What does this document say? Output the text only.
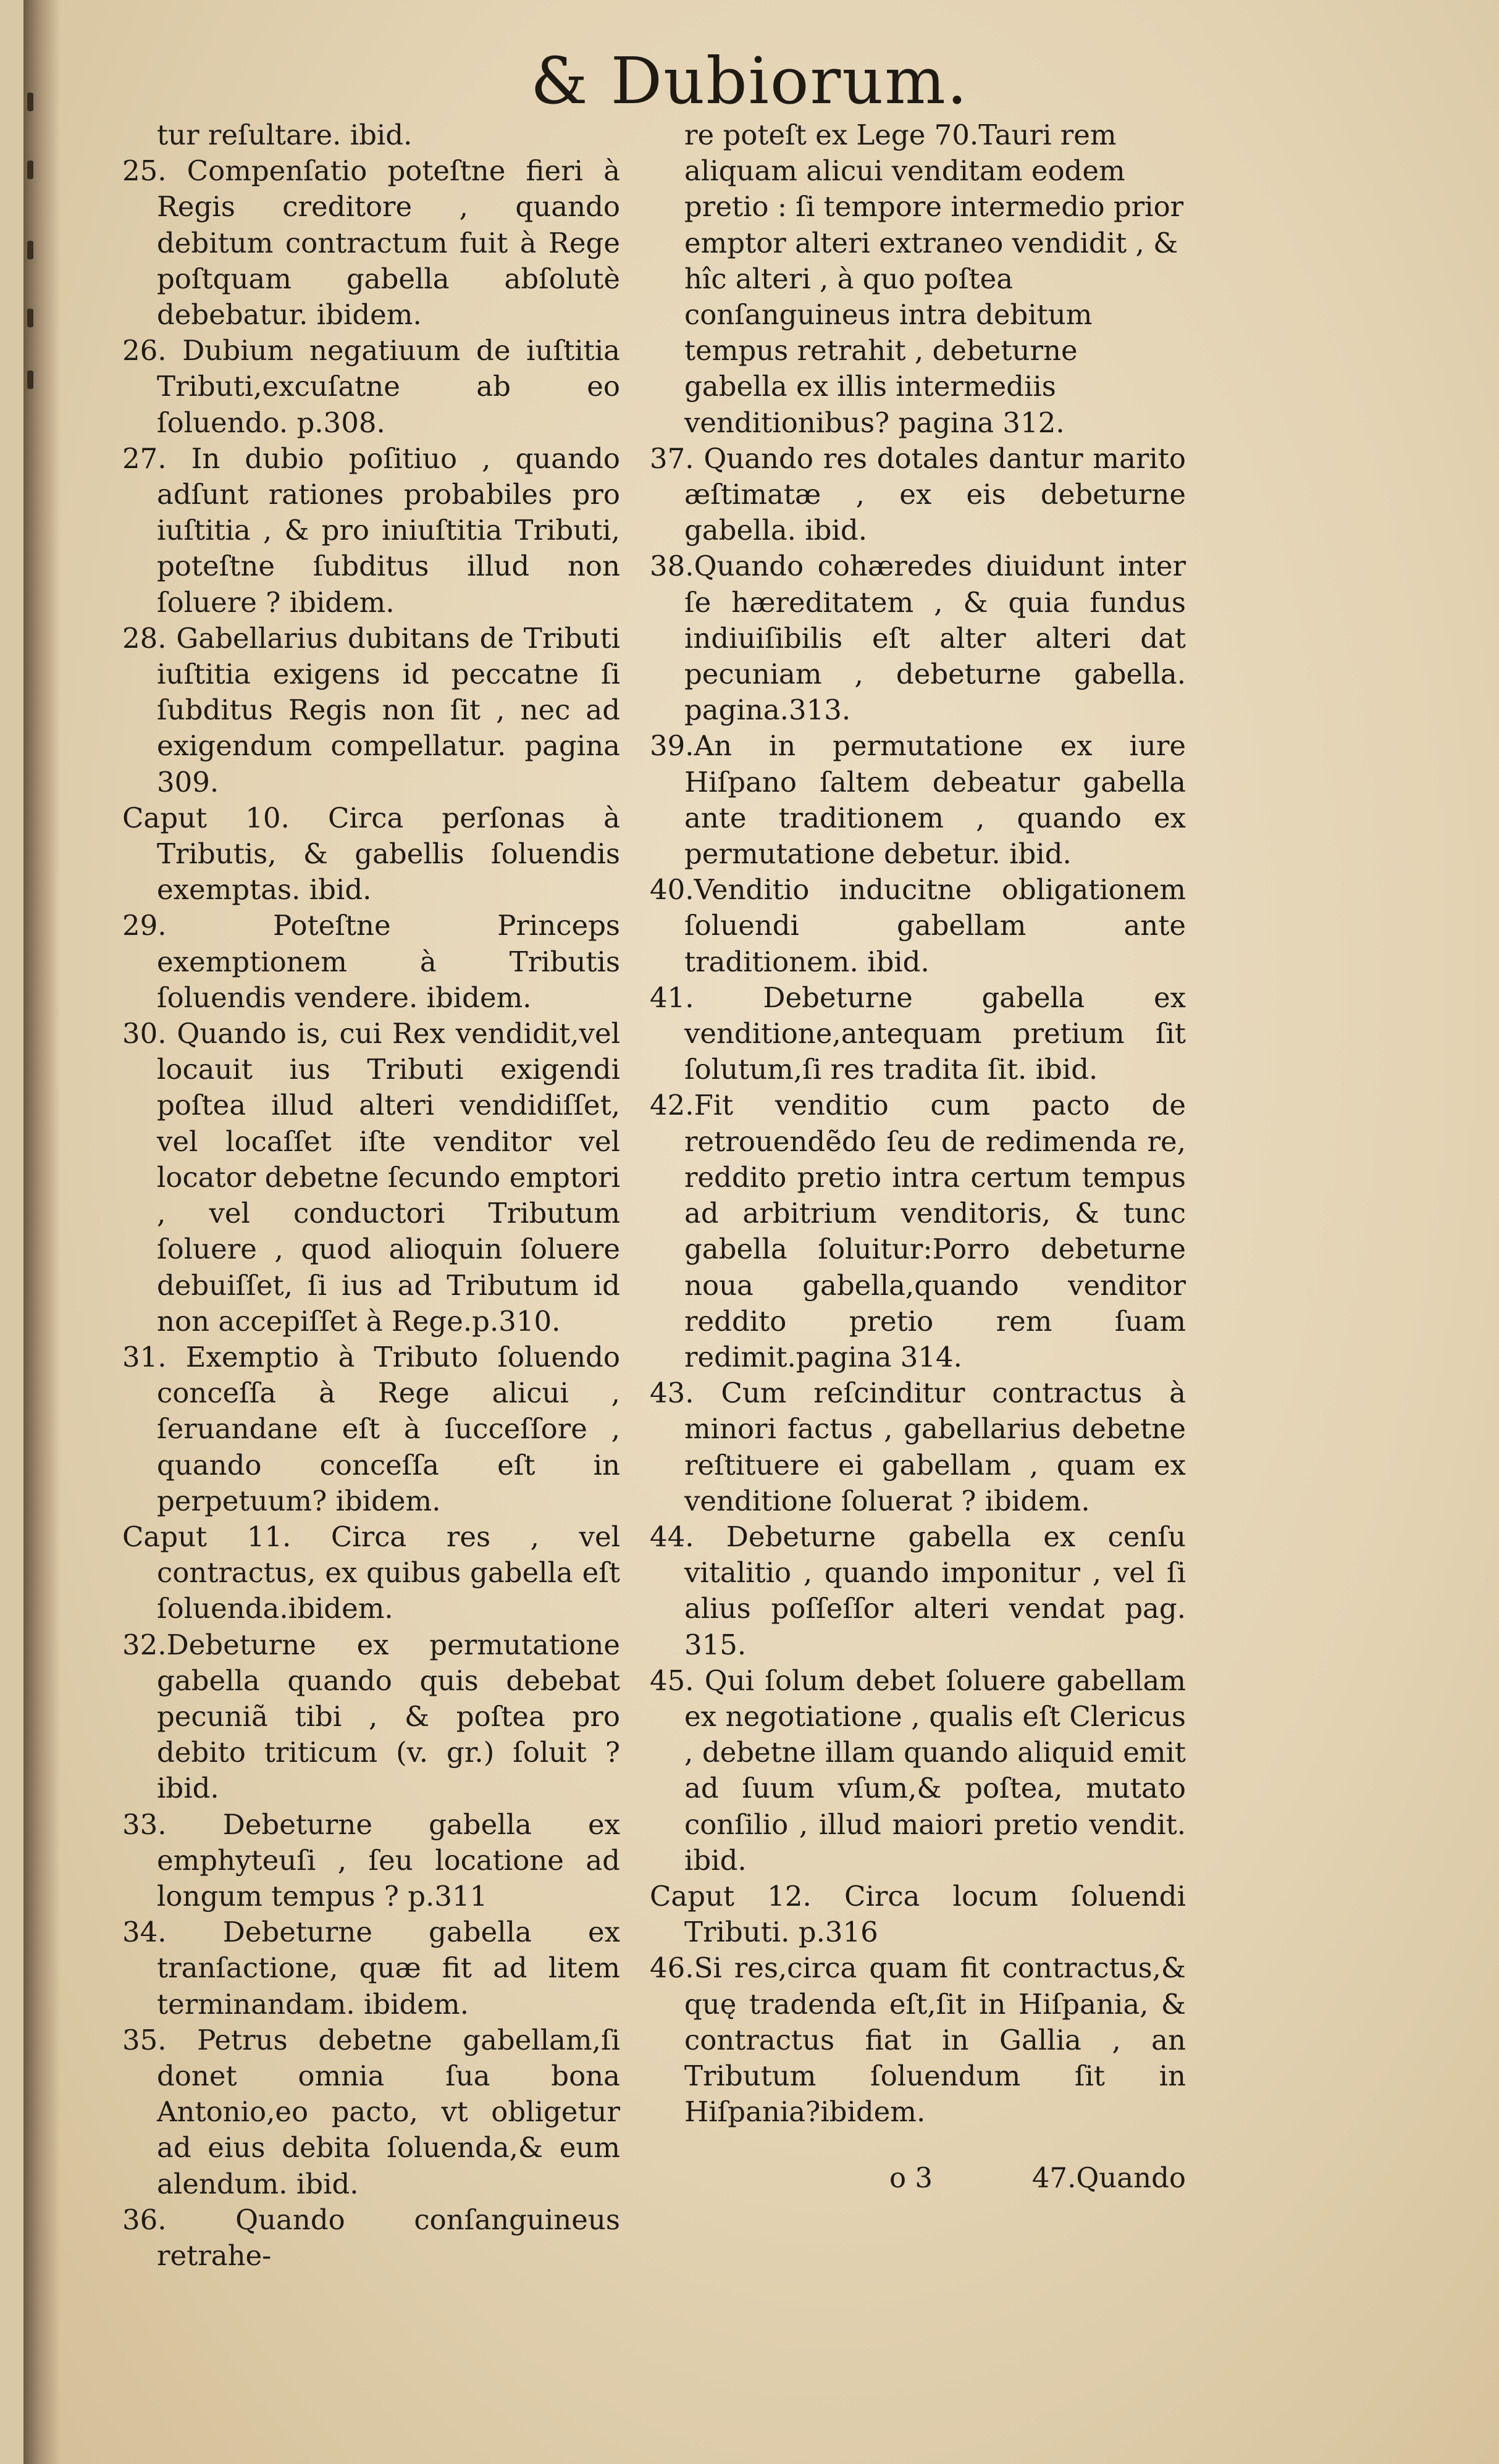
& Dubiorum.
tur reſultare. ibid.
25. Compenſatio poteſtne fieri à Regis creditore , quando debitum contractum fuit à Rege poſtquam gabella abſolutè debebatur. ibidem.
26. Dubium negatiuum de iuſtitia Tributi,excuſatne ab eo ſoluendo. p.308.
27. In dubio poſitiuo , quando adſunt rationes probabiles pro iuſtitia , & pro iniuſtitia Tributi, poteſtne ſubditus illud non ſoluere ? ibidem.
28. Gabellarius dubitans de Tributi iuſtitia exigens id peccatne ſi ſubditus Regis non ſit , nec ad exigendum compellatur. pagina 309.
Caput 10. Circa perſonas à Tributis, & gabellis ſoluendis exemptas. ibid.
29. Poteſtne Princeps exemptionem à Tributis ſoluendis vendere. ibidem.
30. Quando is, cui Rex vendidit,vel locauit ius Tributi exigendi poſtea illud alteri vendidiſſet, vel locaſſet iſte venditor vel locator debetne ſecundo emptori , vel conductori Tributum ſoluere , quod alioquin ſoluere debuiſſet, ſi ius ad Tributum id non accepiſſet à Rege.p.310.
31. Exemptio à Tributo ſoluendo conceſſa à Rege alicui , ſeruandane eſt à ſucceſſore , quando conceſſa eſt in perpetuum? ibidem.
Caput 11. Circa res , vel contractus, ex quibus gabella eſt ſoluenda.ibidem.
32.Debeturne ex permutatione gabella quando quis debebat pecuniã tibi , & poſtea pro debito triticum (v. gr.) ſoluit ? ibid.
33. Debeturne gabella ex emphyteuſi , ſeu locatione ad longum tempus ? p.311
34. Debeturne gabella ex tranſactione, quæ fit ad litem terminandam. ibidem.
35. Petrus debetne gabellam,ſi donet omnia ſua bona Antonio,eo pacto, vt obligetur ad eius debita ſoluenda,& eum alendum. ibid.
36. Quando conſanguineus retrahe-
re poteſt ex Lege 70.Tauri rem aliquam alicui venditam eodem pretio : ſi tempore intermedio prior emptor alteri extraneo vendidit , & hîc alteri , à quo poſtea conſanguineus intra debitum tempus retrahit , debeturne gabella ex illis intermediis venditionibus? pagina 312.
37. Quando res dotales dantur marito æſtimatæ , ex eis debeturne gabella. ibid.
38.Quando cohæredes diuidunt inter ſe hæreditatem , & quia fundus indiuiſibilis eſt alter alteri dat pecuniam , debeturne gabella. pagina.313.
39.An in permutatione ex iure Hiſpano ſaltem debeatur gabella ante traditionem , quando ex permutatione debetur. ibid.
40.Venditio inducitne obligationem ſoluendi gabellam ante traditionem. ibid.
41. Debeturne gabella ex venditione,antequam pretium ſit ſolutum,ſi res tradita ſit. ibid.
42.Fit venditio cum pacto de retrouendẽdo ſeu de redimenda re, reddito pretio intra certum tempus ad arbitrium venditoris, & tunc gabella ſoluitur:Porro debeturne noua gabella,quando venditor reddito pretio rem ſuam redimit.pagina 314.
43. Cum reſcinditur contractus à minori factus , gabellarius debetne reſtituere ei gabellam , quam ex venditione ſoluerat ? ibidem.
44. Debeturne gabella ex cenſu vitalitio , quando imponitur , vel ſi alius poſſeſſor alteri vendat pag. 315.
45. Qui ſolum debet ſoluere gabellam ex negotiatione , qualis eſt Clericus , debetne illam quando aliquid emit ad ſuum vſum,& poſtea, mutato conſilio , illud maiori pretio vendit. ibid.
Caput 12. Circa locum ſoluendi Tributi. p.316
46.Si res,circa quam fit contractus,& quę tradenda eſt,ſit in Hiſpania, & contractus fiat in Gallia , an Tributum ſoluendum ſit in Hiſpania?ibidem.
o 3	47.Quando
